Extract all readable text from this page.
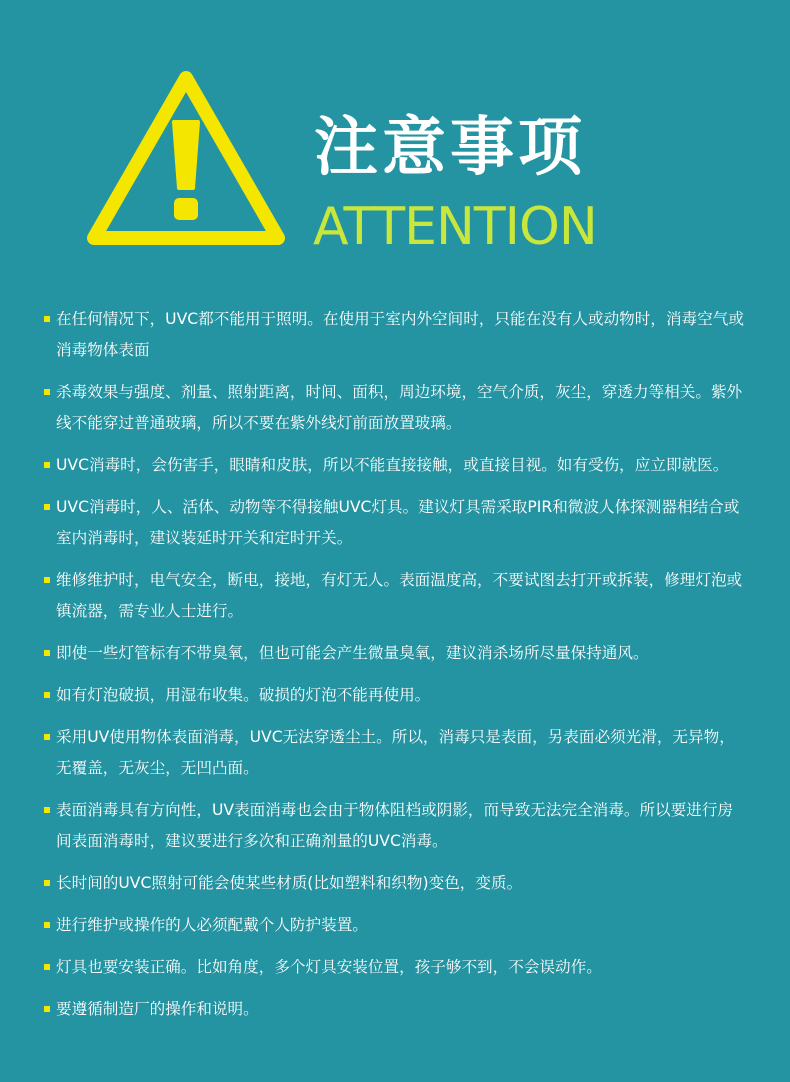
注意事项
ATTENTION
在任何情况下，UVC都不能用于照明。在使用于室内外空间时，只能在没有人或动物时，消毒空气或消毒物体表面
杀毒效果与强度、剂量、照射距离，时间、面积，周边环境，空气介质，灰尘，穿透力等相关。紫外线不能穿过普通玻璃，所以不要在紫外线灯前面放置玻璃。
UVC消毒时，会伤害手，眼睛和皮肤，所以不能直接接触，或直接目视。如有受伤，应立即就医。
UVC消毒时，人、活体、动物等不得接触UVC灯具。建议灯具需采取PIR和微波人体探测器相结合或室内消毒时，建议装延时开关和定时开关。
维修维护时，电气安全，断电，接地，有灯无人。表面温度高，不要试图去打开或拆装，修理灯泡或镇流器，需专业人士进行。
即使一些灯管标有不带臭氧，但也可能会产生微量臭氧，建议消杀场所尽量保持通风。
如有灯泡破损，用湿布收集。破损的灯泡不能再使用。
采用UV使用物体表面消毒，UVC无法穿透尘土。所以，消毒只是表面，另表面必须光滑，无异物，无覆盖，无灰尘，无凹凸面。
表面消毒具有方向性，UV表面消毒也会由于物体阻档或阴影，而导致无法完全消毒。所以要进行房间表面消毒时，建议要进行多次和正确剂量的UVC消毒。
长时间的UVC照射可能会使某些材质(比如塑料和织物)变色，变质。
进行维护或操作的人必须配戴个人防护装置。
灯具也要安装正确。比如角度，多个灯具安装位置，孩子够不到，不会误动作。
要遵循制造厂的操作和说明。
